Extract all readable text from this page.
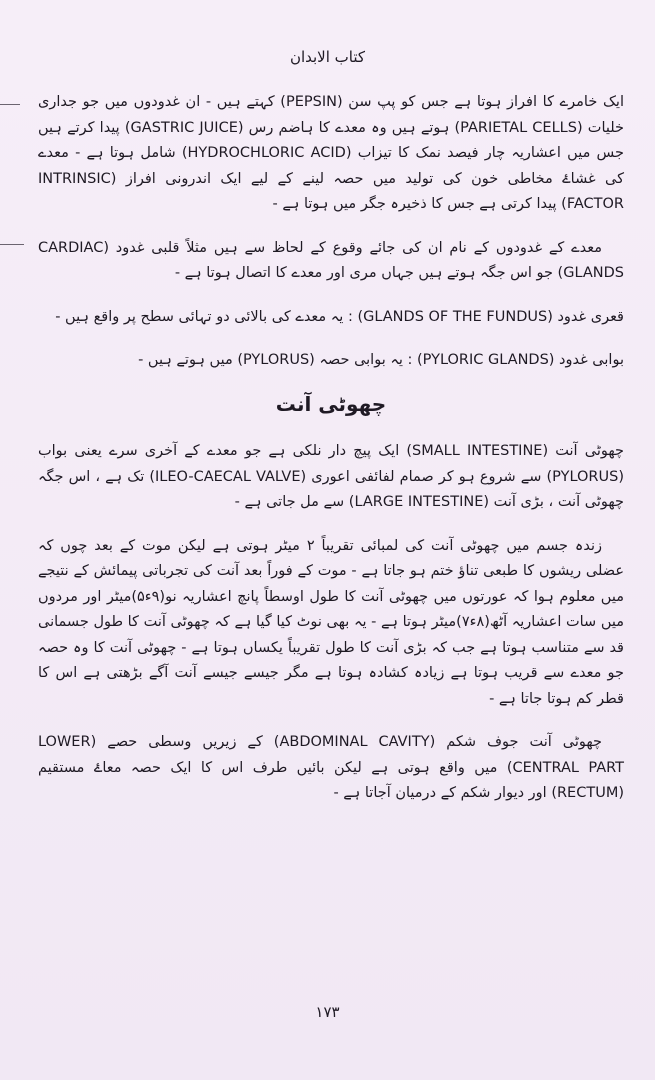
کتاب الابدان

ایک خامرے کا افراز ہوتا ہے جس کو پپ سن (PEPSIN) کہتے ہیں - ان غدودوں میں جو جداری خلیات (PARIETAL CELLS) ہوتے ہیں وہ معدے کا ہاضم رس (GASTRIC JUICE) پیدا کرتے ہیں جس میں اعشاریہ چار فیصد نمک کا تیزاب (HYDROCHLORIC ACID) شامل ہوتا ہے - معدے کی غشاۓ مخاطی خون کی تولید میں حصہ لینے کے لیے ایک اندرونی افراز (INTRINSIC FACTOR) پیدا کرتی ہے جس کا ذخیرہ جگر میں ہوتا ہے -

معدے کے غدودوں کے نام ان کی جائے وقوع کے لحاظ سے ہیں مثلاً قلبی غدود (CARDIAC GLANDS) جو اس جگہ ہوتے ہیں جہاں مری اور معدے کا اتصال ہوتا ہے -

قعری غدود (GLANDS OF THE FUNDUS) : یہ معدے کی بالائی دو تہائی سطح پر واقع ہیں -

بوابی غدود (PYLORIC GLANDS) : یہ بوابی حصہ (PYLORUS) میں ہوتے ہیں -

چھوٹی آنت

چھوٹی آنت (SMALL INTESTINE) ایک پیچ دار نلکی ہے جو معدے کے آخری سرے یعنی بواب (PYLORUS) سے شروع ہو کر صمام لفائفی اعوری (ILEO-CAECAL VALVE) تک ہے ، اس جگہ چھوٹی آنت ، بڑی آنت (LARGE INTESTINE) سے مل جاتی ہے -

زندہ جسم میں چھوٹی آنت کی لمبائی تقریباً ۲ میٹر ہوتی ہے لیکن موت کے بعد چوں کہ عضلی ریشوں کا طبعی تناؤ ختم ہو جاتا ہے - موت کے فوراً بعد آنت کی تجرباتی پیمائش کے نتیجے میں معلوم ہوا کہ عورتوں میں چھوٹی آنت کا طول اوسطاً پانچ اعشاریہ نو(۹ء۵)میٹر اور مردوں میں سات اعشاریہ آٹھ(۸ء۷)میٹر ہوتا ہے - یہ بھی نوٹ کیا گیا ہے کہ چھوٹی آنت کا طول جسمانی قد سے متناسب ہوتا ہے جب کہ بڑی آنت کا طول تقریباً یکساں ہوتا ہے - چھوٹی آنت کا وہ حصہ جو معدے سے قریب ہوتا ہے زیادہ کشادہ ہوتا ہے مگر جیسے جیسے آنت آگے بڑھتی ہے اس کا قطر کم ہوتا جاتا ہے -

چھوٹی آنت جوف شکم (ABDOMINAL CAVITY) کے زیریں وسطی حصے (LOWER CENTRAL PART) میں واقع ہوتی ہے لیکن بائیں طرف اس کا ایک حصہ معاۓ مستقیم (RECTUM) اور دیوار شکم کے درمیان آجاتا ہے -

۱۷۳
